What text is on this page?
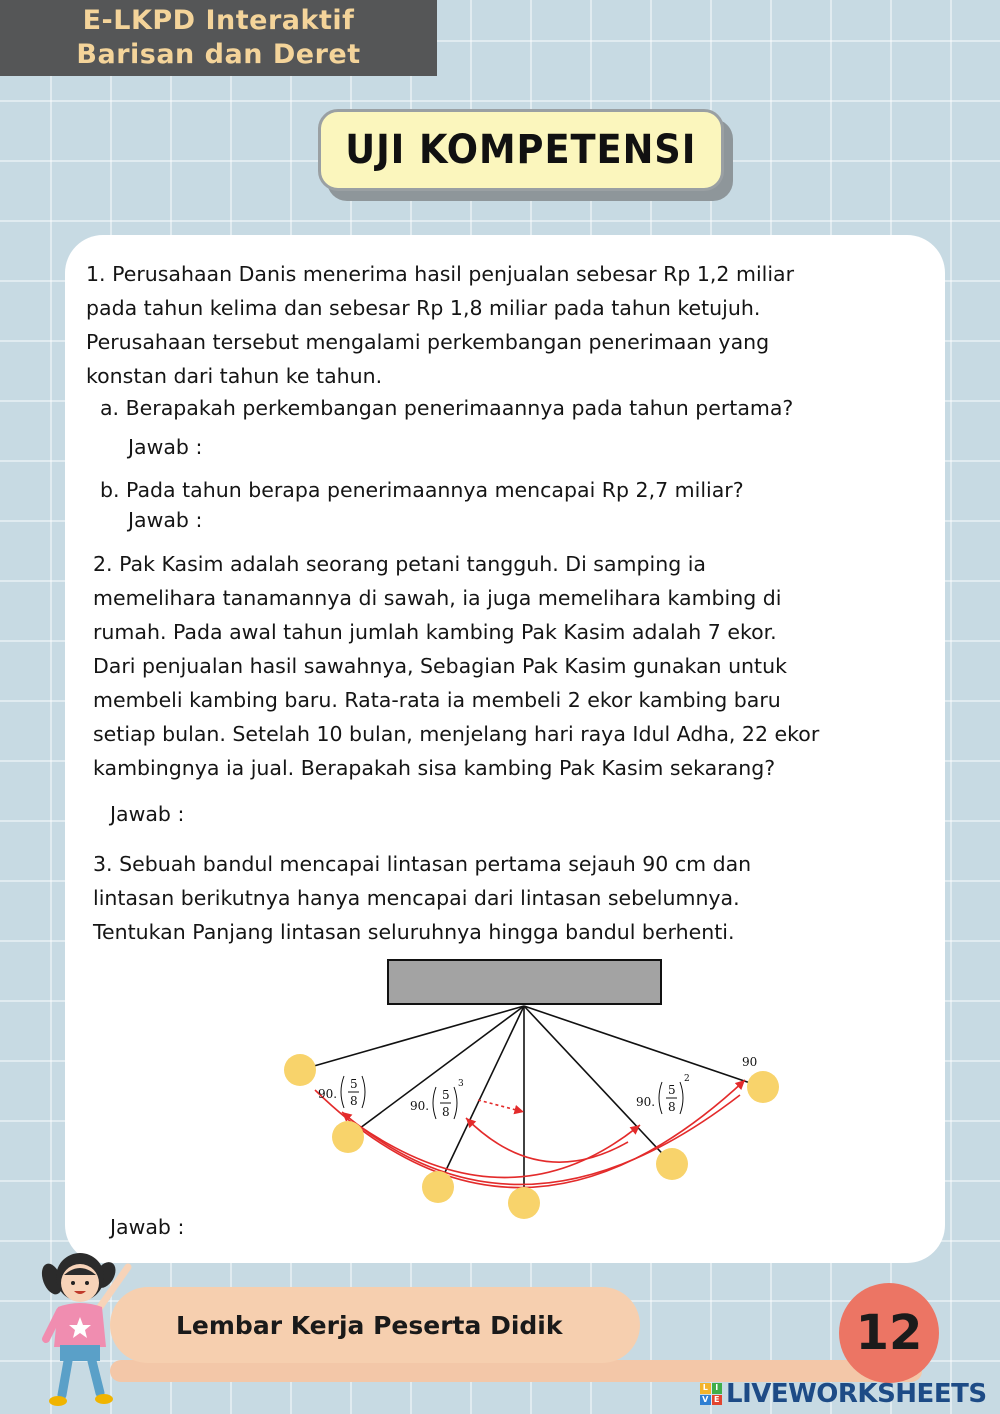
E-LKPD Interaktif
Barisan dan Deret
UJI KOMPETENSI

1. Perusahaan Danis menerima hasil penjualan sebesar Rp 1,2 miliar

pada tahun kelima dan sebesar Rp 1,8 miliar pada tahun ketujuh.

Perusahaan tersebut mengalami perkembangan penerimaan yang

konstan dari tahun ke tahun.

a. Berapakah perkembangan penerimaannya pada tahun pertama?
Jawab :
b. Pada tahun berapa penerimaannya mencapai Rp 2,7 miliar?
Jawab :

2. Pak Kasim adalah seorang petani tangguh. Di samping ia

memelihara tanamannya di sawah, ia juga memelihara kambing di

rumah. Pada awal tahun jumlah kambing Pak Kasim adalah 7 ekor.

Dari penjualan hasil sawahnya, Sebagian Pak Kasim gunakan untuk

membeli kambing baru. Rata-rata ia membeli 2 ekor kambing baru

setiap bulan. Setelah 10 bulan, menjelang hari raya Idul Adha, 22 ekor

kambingnya ia jual. Berapakah sisa kambing Pak Kasim sekarang?

Jawab :

3. Sebuah bandul mencapai lintasan pertama sejauh 90 cm dan

lintasan berikutnya hanya mencapai dari lintasan sebelumnya.

Tentukan Panjang lintasan seluruhnya hingga bandul berhenti.

90
90.
5
8	90.
5
8
3
90.
5
8
2
Jawab :
Lembar Kerja Peserta Didik	12
L I
V E LIVEWORKSHEETS
